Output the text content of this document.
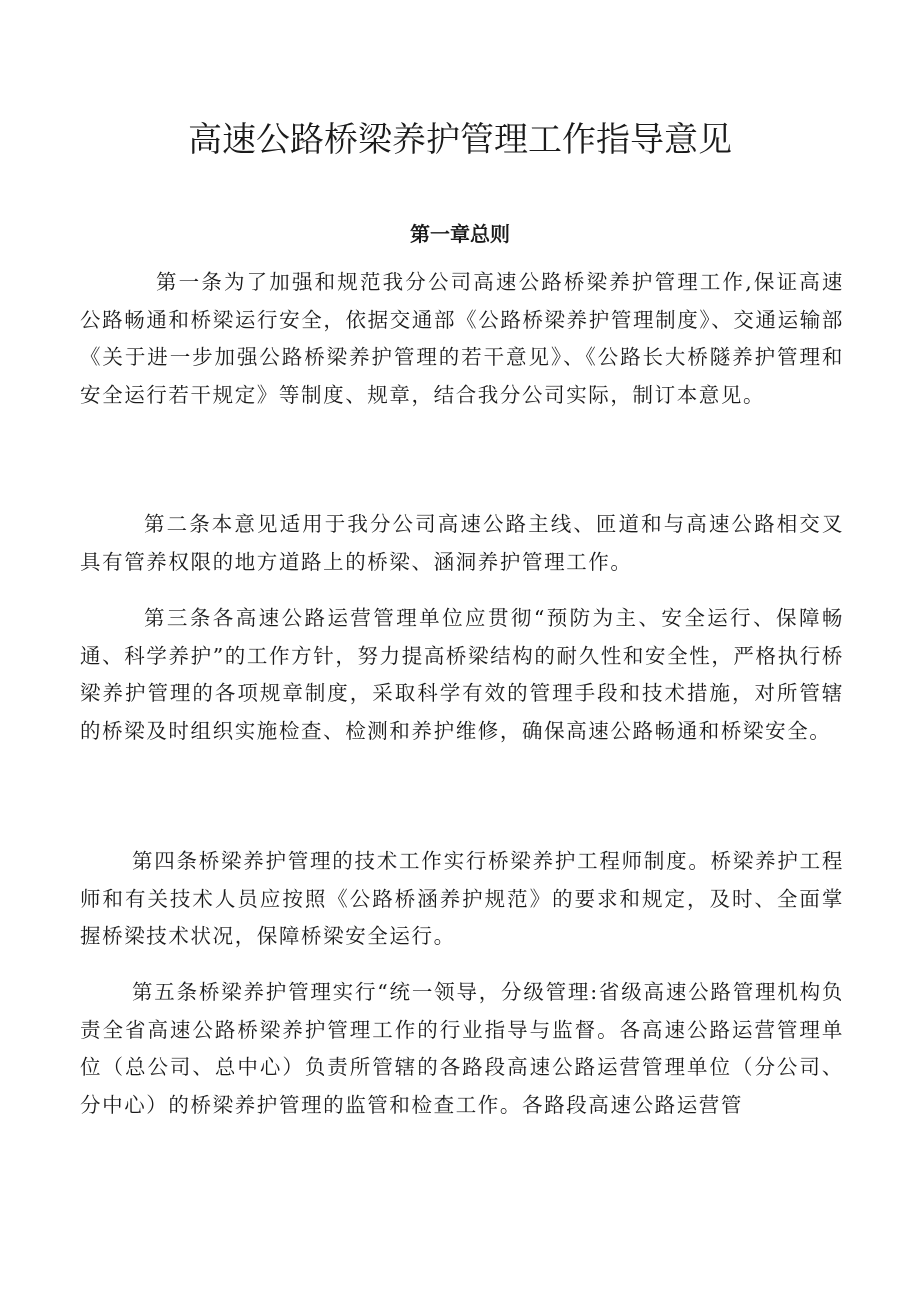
高速公路桥梁养护管理工作指导意见
第一章总则

第一条为了加强和规范我分公司高速公路桥梁养护管理工作,保证高速公路畅通和桥梁运行安全，依据交通部《公路桥梁养护管理制度》、交通运输部《关于进一步加强公路桥梁养护管理的若干意见》、《公路长大桥隧养护管理和安全运行若干规定》等制度、规章，结合我分公司实际，制订本意见。

第二条本意见适用于我分公司高速公路主线、匝道和与高速公路相交叉具有管养权限的地方道路上的桥梁、涵洞养护管理工作。

第三条各高速公路运营管理单位应贯彻“预防为主、安全运行、保障畅通、科学养护”的工作方针，努力提高桥梁结构的耐久性和安全性，严格执行桥梁养护管理的各项规章制度，采取科学有效的管理手段和技术措施，对所管辖的桥梁及时组织实施检查、检测和养护维修，确保高速公路畅通和桥梁安全。

第四条桥梁养护管理的技术工作实行桥梁养护工程师制度。桥梁养护工程师和有关技术人员应按照《公路桥涵养护规范》的要求和规定，及时、全面掌握桥梁技术状况，保障桥梁安全运行。

第五条桥梁养护管理实行“统一领导，分级管理:省级高速公路管理机构负责全省高速公路桥梁养护管理工作的行业指导与监督。各高速公路运营管理单位（总公司、总中心）负责所管辖的各路段高速公路运营管理单位（分公司、分中心）的桥梁养护管理的监管和检查工作。各路段高速公路运营管
